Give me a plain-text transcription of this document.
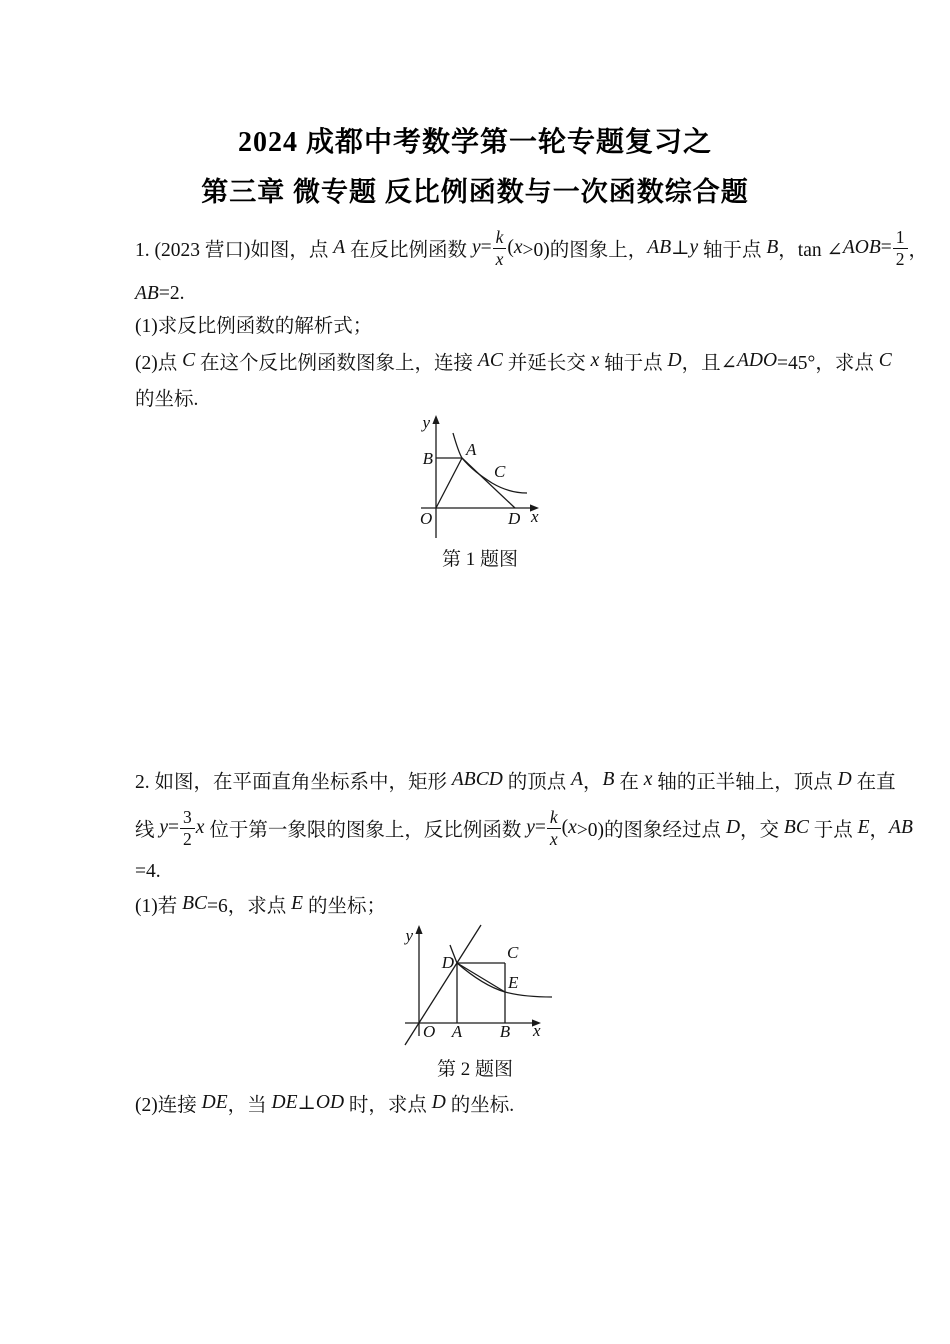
2024 成都中考数学第一轮专题复习之
第三章 微专题 反比例函数与一次函数综合题
1. (2023 营口)如图，点 A 在反比例函数 $y = \frac{k}{x}$ ( x >0)的图象上， AB ⊥ y 轴于点 B ，tan ∠ AOB = $\frac{1}{2}$ ，
AB =2.
(1)求反比例函数的解析式；
(2)点 C 在这个反比例函数图象上，连接 AC 并延长交 x 轴于点 D ，且∠ ADO =45°，求点 C
的坐标.
y
x
O
B A
C
D
第 1 题图
2. 如图，在平面直角坐标系中，矩形 ABCD 的顶点 A ， B 在 x 轴的正半轴上，顶点 D 在直
线 $y = \frac{3}{2}$ x 位于第一象限的图象上，反比例函数 $y = \frac{k}{x}$ ( x >0)的图象经过点 D ，交 BC 于点 E ， AB
=4.
(1)若 BC =6，求点 E 的坐标；
y
x
O A B
D
C
E
第 2 题图
(2)连接 DE ，当 DE ⊥ OD 时，求点 D 的坐标.
